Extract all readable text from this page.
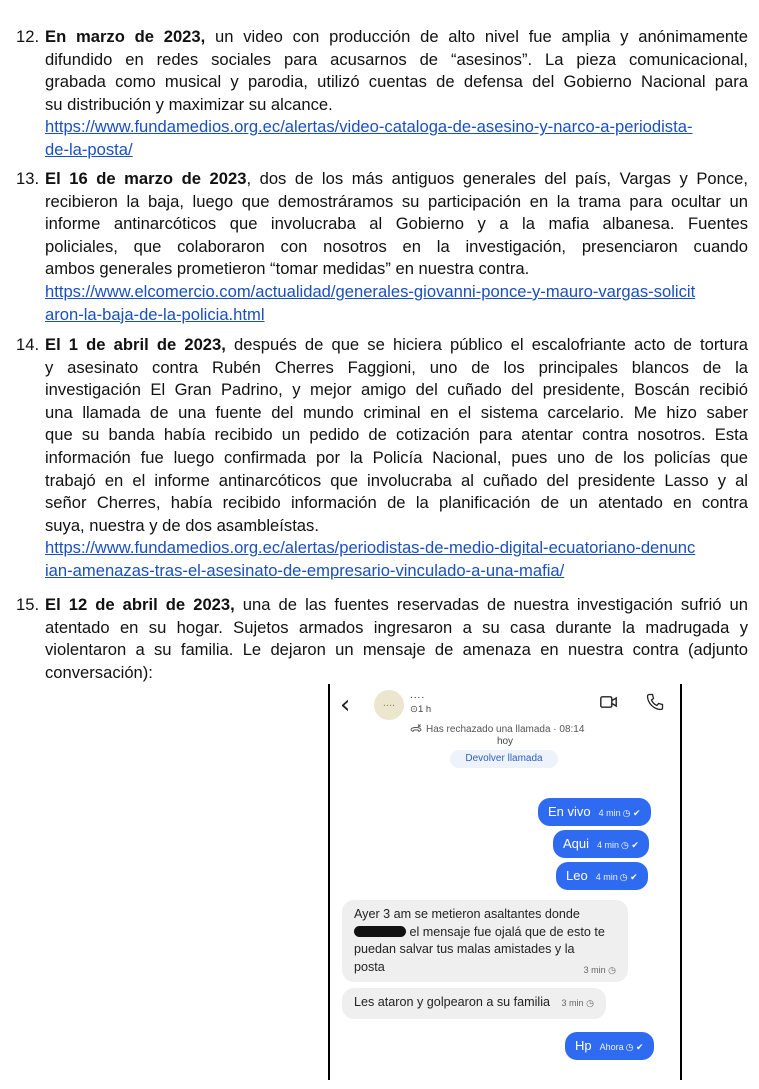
12. En marzo de 2023, un video con producción de alto nivel fue amplia y anónimamente
difundido en redes sociales para acusarnos de “asesinos”. La pieza comunicacional,
grabada como musical y parodia, utilizó cuentas de defensa del Gobierno Nacional para
su distribución y maximizar su alcance.
https://www.fundamedios.org.ec/alertas/video-cataloga-de-asesino-y-narco-a-periodista-
de-la-posta/
13. El 16 de marzo de 2023, dos de los más antiguos generales del país, Vargas y Ponce,
recibieron la baja, luego que demostráramos su participación en la trama para ocultar un
informe antinarcóticos que involucraba al Gobierno y a la mafia albanesa. Fuentes
policiales, que colaboraron con nosotros en la investigación, presenciaron cuando
ambos generales prometieron “tomar medidas” en nuestra contra.
https://www.elcomercio.com/actualidad/generales-giovanni-ponce-y-mauro-vargas-solicit
aron-la-baja-de-la-policia.html
14. El 1 de abril de 2023, después de que se hiciera público el escalofriante acto de tortura
y asesinato contra Rubén Cherres Faggioni, uno de los principales blancos de la
investigación El Gran Padrino, y mejor amigo del cuñado del presidente, Boscán recibió
una llamada de una fuente del mundo criminal en el sistema carcelario. Me hizo saber
que su banda había recibido un pedido de cotización para atentar contra nosotros. Esta
información fue luego confirmada por la Policía Nacional, pues uno de los policías que
trabajó en el informe antinarcóticos que involucraba al cuñado del presidente Lasso y al
señor Cherres, había recibido información de la planificación de un atentado en contra
suya, nuestra y de dos asambleístas.
https://www.fundamedios.org.ec/alertas/periodistas-de-medio-digital-ecuatoriano-denunc
ian-amenazas-tras-el-asesinato-de-empresario-vinculado-a-una-mafia/
15. El 12 de abril de 2023, una de las fuentes reservadas de nuestra investigación sufrió un
atentado en su hogar. Sujetos armados ingresaron a su casa durante la madrugada y
violentaron a su familia. Le dejaron un mensaje de amenaza en nuestra contra (adjunto
conversación):
‹	....
....
⊙1 h
Has rechazado una llamada · 08:14
hoy
Devolver llamada
En vivo 4 min ◷ ✔
Aqui 4 min ◷ ✔
Leo 4 min ◷ ✔
Ayer 3 am se metieron asaltantes donde
el mensaje fue ojalá que de esto te
puedan salvar tus malas amistades y la
posta	3 min ◷
Les ataron y golpearon a su familia 3 min ◷
Hp Ahora ◷ ✔
